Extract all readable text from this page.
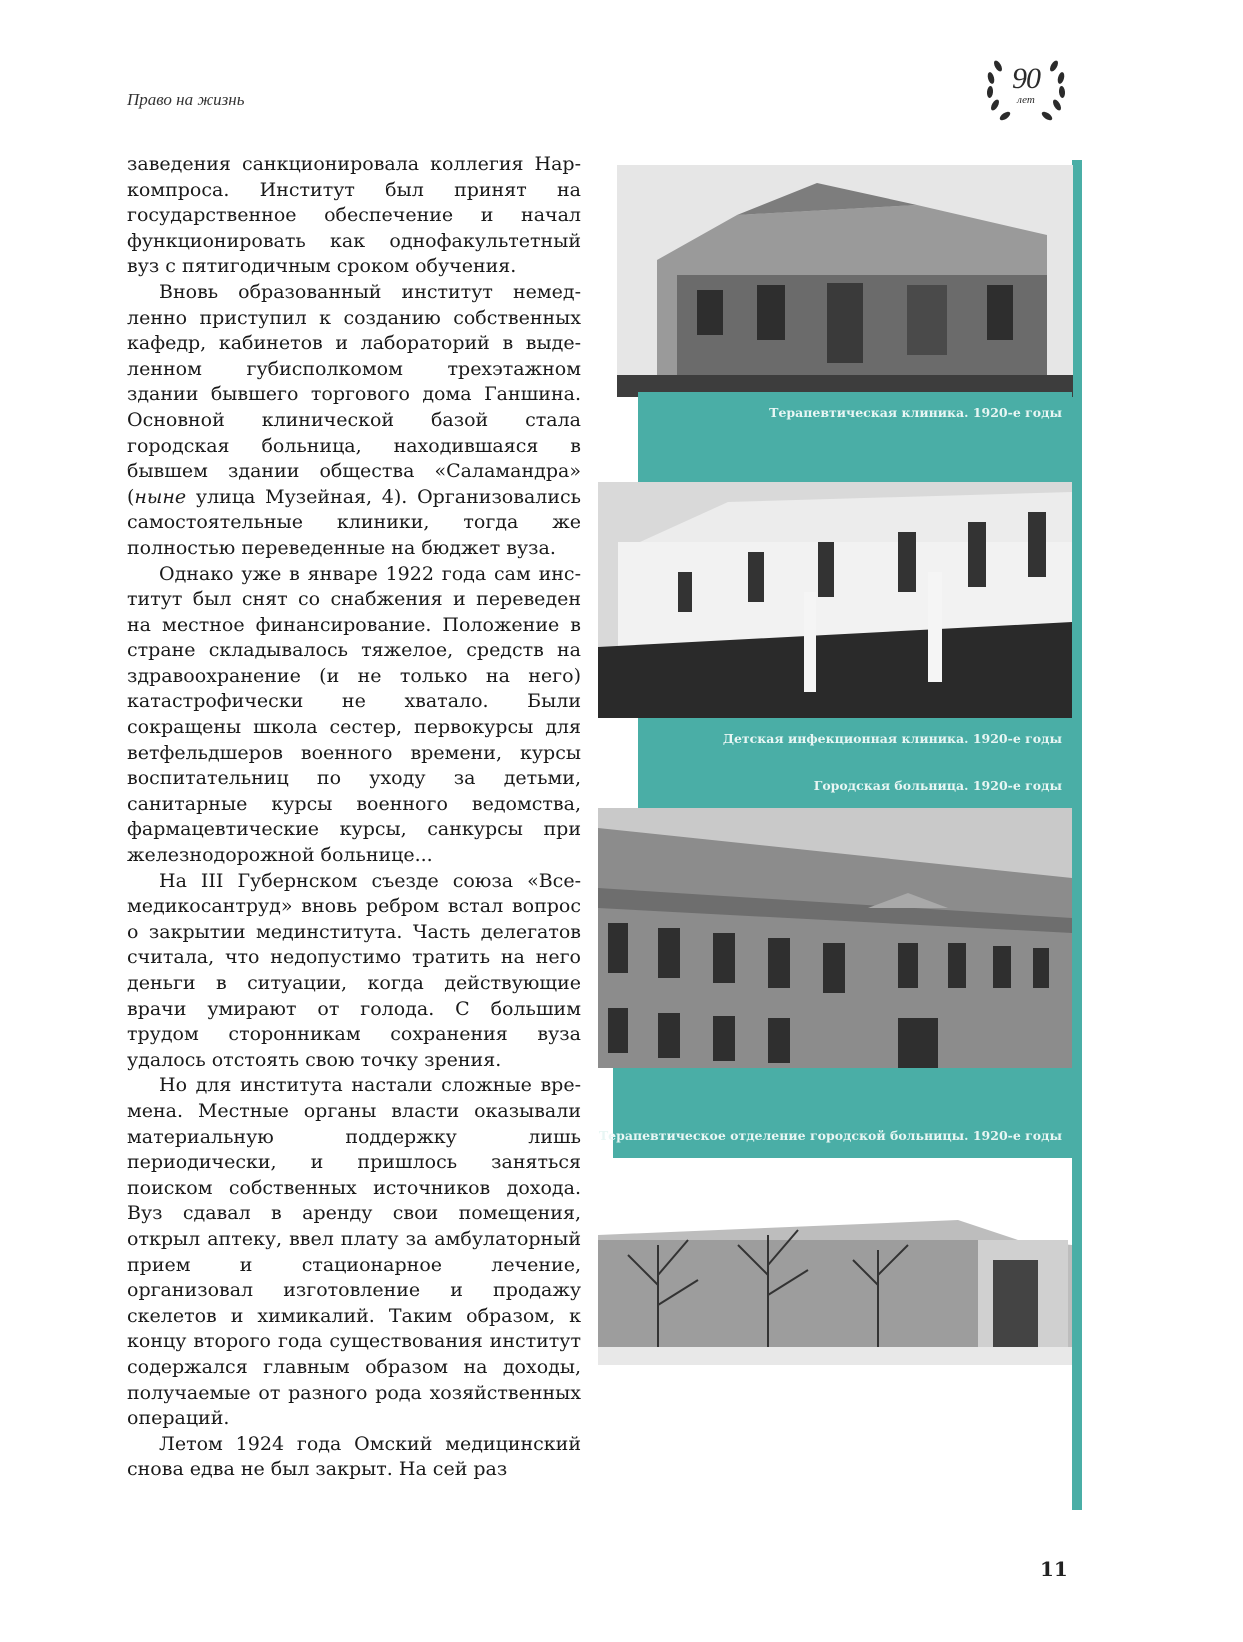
Право на жизнь
90
лет

заведения санкционировала коллегия Наркомпроса. Институт был принят на государственное обеспечение и начал функционировать как однофакультетный вуз с пятигодичным сроком обучения.

Вновь образованный институт немедленно приступил к созданию собственных кафедр, кабинетов и лабораторий в выделенном губисполкомом трехэтажном здании бывшего торгового дома Ганшина. Основной клинической базой стала городская больница, находившаяся в бывшем здании общества «Саламандра» (ныне улица Музейная, 4). Организовались самостоятельные клиники, тогда же полностью переведенные на бюджет вуза.

Однако уже в январе 1922 года сам институт был снят со снабжения и переведен на местное финансирование. Положение в стране складывалось тяжелое, средств на здравоохранение (и не только на него) катастрофически не хватало. Были сокращены школа сестер, первокурсы для ветфельдшеров военного времени, курсы воспитательниц по уходу за детьми, санитарные курсы военного ведомства, фармацевтические курсы, санкурсы при железнодорожной больнице...

На III Губернском съезде союза «Всемедикосантруд» вновь ребром встал вопрос о закрытии мединститута. Часть делегатов считала, что недопустимо тратить на него деньги в ситуации, когда действующие врачи умирают от голода. С большим трудом сторонникам сохранения вуза удалось отстоять свою точку зрения.

Но для института настали сложные времена. Местные органы власти оказывали материальную поддержку лишь периодически, и пришлось заняться поиском собственных источников дохода. Вуз сдавал в аренду свои помещения, открыл аптеку, ввел плату за амбулаторный прием и стационарное лечение, организовал изготовление и продажу скелетов и химикалий. Таким образом, к концу второго года существования институт содержался главным образом на доходы, получаемые от разного рода хозяйственных операций.

Летом 1924 года Омский медицинский снова едва не был закрыт. На сей раз

Терапевтическая клиника. 1920-е годы
Детская инфекционная клиника. 1920-е годы
Городская больница. 1920-е годы
Терапевтическое отделение городской больницы. 1920-е годы
11
